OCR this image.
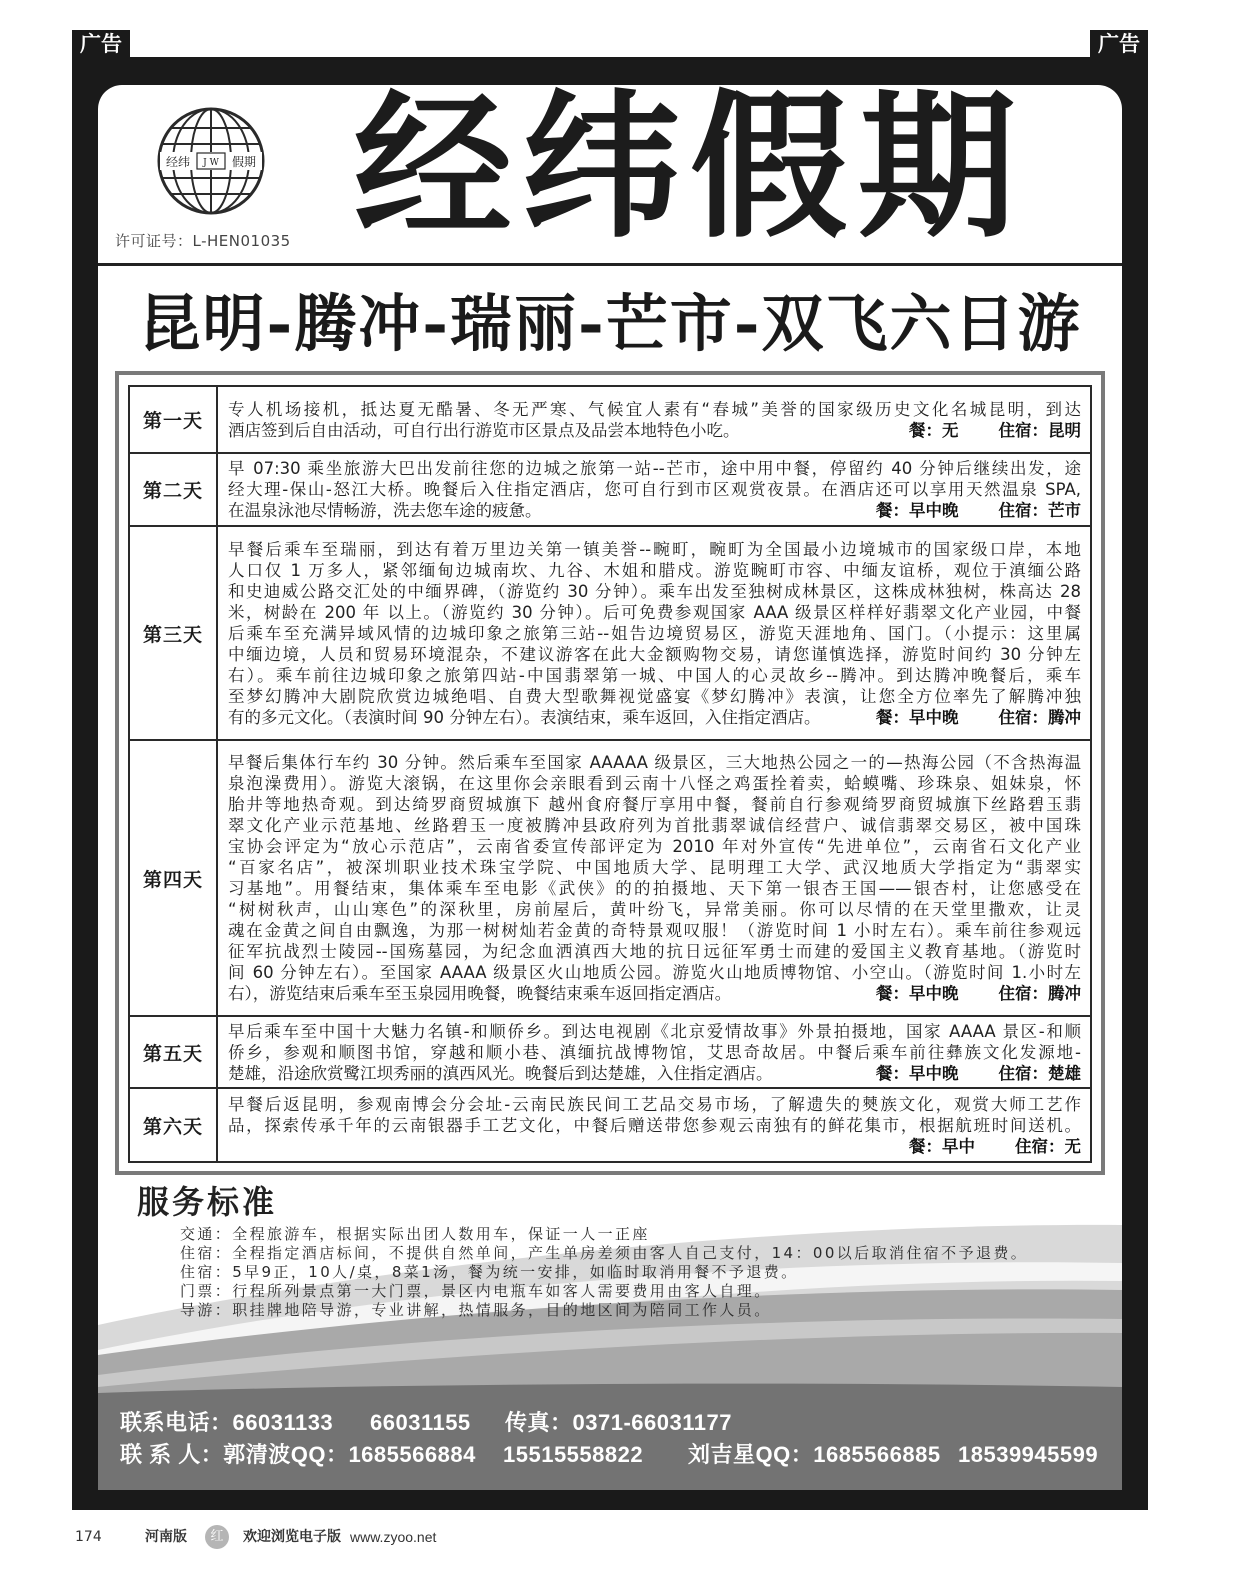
广告	广告
经纬 J W 假期
许可证号：L-HEN01035 经纬假期
昆明-腾冲-瑞丽-芒市-双飞六日游
第一天
专人机场接机，抵达夏无酷暑、冬无严寒、气候宜人素有“春城”美誉的国家级历史文化名城昆明，到达
酒店签到后自由活动，可自行出行游览市区景点及品尝本地特色小吃。	餐：无 住宿：昆明
第二天
早 07:30 乘坐旅游大巴出发前往您的边城之旅第一站--芒市，途中用中餐，停留约 40 分钟后继续出发，途
经大理-保山-怒江大桥。晚餐后入住指定酒店，您可自行到市区观赏夜景。在酒店还可以享用天然温泉 SPA,
在温泉泳池尽情畅游，洗去您车途的疲惫。	餐：早中晚 住宿：芒市
第三天
早餐后乘车至瑞丽，到达有着万里边关第一镇美誉--畹町，畹町为全国最小边境城市的国家级口岸，本地
人口仅 1 万多人，紧邻缅甸边城南坎、九谷、木姐和腊戍。游览畹町市容、中缅友谊桥，观位于滇缅公路
和史迪威公路交汇处的中缅界碑，（游览约 30 分钟）。乘车出发至独树成林景区，这株成林独树，株高达 28
米，树龄在 200 年 以上。（游览约 30 分钟）。后可免费参观国家 AAA 级景区样样好翡翠文化产业园，中餐
后乘车至充满异域风情的边城印象之旅第三站--姐告边境贸易区，游览天涯地角、国门。（小提示：这里属
中缅边境，人员和贸易环境混杂，不建议游客在此大金额购物交易，请您谨慎选择，游览时间约 30 分钟左
右）。乘车前往边城印象之旅第四站-中国翡翠第一城、中国人的心灵故乡--腾冲。到达腾冲晚餐后，乘车
至梦幻腾冲大剧院欣赏边城绝唱、自费大型歌舞视觉盛宴《梦幻腾冲》表演，让您全方位率先了解腾冲独
有的多元文化。（表演时间 90 分钟左右）。表演结束，乘车返回，入住指定酒店。	餐：早中晚 住宿：腾冲
第四天
早餐后集体行车约 30 分钟。然后乘车至国家 AAAAA 级景区，三大地热公园之一的—热海公园（不含热海温
泉泡澡费用）。游览大滚锅，在这里你会亲眼看到云南十八怪之鸡蛋拴着卖，蛤蟆嘴、珍珠泉、姐妹泉，怀
胎井等地热奇观。到达绮罗商贸城旗下 越州食府餐厅享用中餐，餐前自行参观绮罗商贸城旗下丝路碧玉翡
翠文化产业示范基地、丝路碧玉一度被腾冲县政府列为首批翡翠诚信经营户、诚信翡翠交易区，被中国珠
宝协会评定为“放心示范店”，云南省委宣传部评定为 2010 年对外宣传“先进单位”，云南省石文化产业
“百家名店”，被深圳职业技术珠宝学院、中国地质大学、昆明理工大学、武汉地质大学指定为“翡翠实
习基地”。用餐结束，集体乘车至电影《武侠》的的拍摄地、天下第一银杏王国——银杏村，让您感受在
“树树秋声，山山寒色”的深秋里，房前屋后，黄叶纷飞，异常美丽。你可以尽情的在天堂里撒欢，让灵
魂在金黄之间自由飘逸，为那一树树灿若金黄的奇特景观叹服！（游览时间 1 小时左右）。乘车前往参观远
征军抗战烈士陵园--国殇墓园，为纪念血洒滇西大地的抗日远征军勇士而建的爱国主义教育基地。（游览时
间 60 分钟左右）。至国家 AAAA 级景区火山地质公园。游览火山地质博物馆、小空山。（游览时间 1.小时左
右），游览结束后乘车至玉泉园用晚餐，晚餐结束乘车返回指定酒店。	餐：早中晚 住宿：腾冲
第五天
早后乘车至中国十大魅力名镇-和顺侨乡。到达电视剧《北京爱情故事》外景拍摄地，国家 AAAA 景区-和顺
侨乡，参观和顺图书馆，穿越和顺小巷、滇缅抗战博物馆，艾思奇故居。中餐后乘车前往彝族文化发源地-
楚雄，沿途欣赏鹭江坝秀丽的滇西风光。晚餐后到达楚雄，入住指定酒店。	餐：早中晚 住宿：楚雄
第六天
早餐后返昆明，参观南博会分会址-云南民族民间工艺品交易市场，了解遗失的僰族文化，观赏大师工艺作
品，探索传承千年的云南银器手工艺文化，中餐后赠送带您参观云南独有的鲜花集市，根据航班时间送机。
餐：早中 住宿：无
服务标准
交通：全程旅游车，根据实际出团人数用车，保证一人一正座
住宿：全程指定酒店标间，不提供自然单间，产生单房差须由客人自己支付，14：00以后取消住宿不予退费。
住宿：5早9正，10人/桌，8菜1汤，餐为统一安排，如临时取消用餐不予退费。
门票：行程所列景点第一大门票，景区内电瓶车如客人需要费用由客人自理。
导游：职挂牌地陪导游，专业讲解，热情服务，目的地区间为陪同工作人员。
联系电话：66031133 66031155 传真：0371-66031177
联 系 人：郭清波QQ：1685566884 15515558822 刘吉星QQ：1685566885 18539945599
174	河南版	红	欢迎浏览电子版 www.zyoo.net
